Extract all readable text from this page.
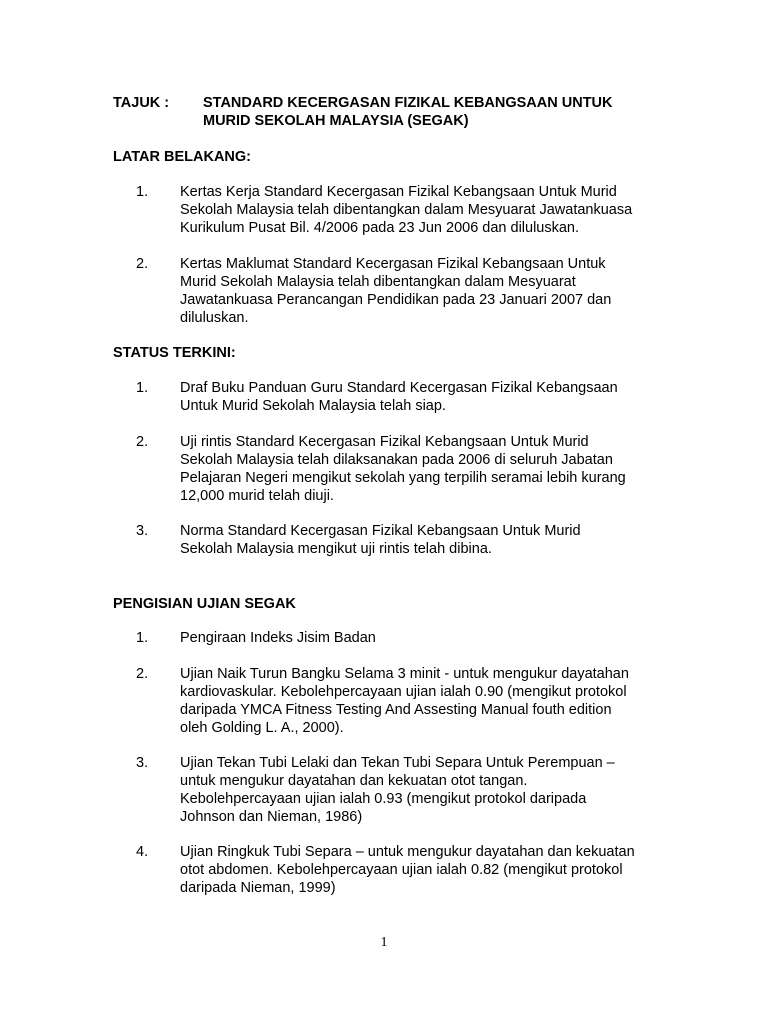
TAJUK : STANDARD KECERGASAN FIZIKAL KEBANGSAAN UNTUK
MURID SEKOLAH MALAYSIA (SEGAK)
LATAR BELAKANG:
1. Kertas Kerja Standard Kecergasan Fizikal Kebangsaan Untuk Murid
Sekolah Malaysia telah dibentangkan dalam Mesyuarat Jawatankuasa
Kurikulum Pusat Bil. 4/2006 pada 23 Jun 2006 dan diluluskan.
2. Kertas Maklumat Standard Kecergasan Fizikal Kebangsaan Untuk
Murid Sekolah Malaysia telah dibentangkan dalam Mesyuarat
Jawatankuasa Perancangan Pendidikan pada 23 Januari 2007 dan
diluluskan.
STATUS TERKINI:
1. Draf Buku Panduan Guru Standard Kecergasan Fizikal Kebangsaan
Untuk Murid Sekolah Malaysia telah siap.
2. Uji rintis Standard Kecergasan Fizikal Kebangsaan Untuk Murid
Sekolah Malaysia telah dilaksanakan pada 2006 di seluruh Jabatan
Pelajaran Negeri mengikut sekolah yang terpilih seramai lebih kurang
12,000 murid telah diuji.
3. Norma Standard Kecergasan Fizikal Kebangsaan Untuk Murid
Sekolah Malaysia mengikut uji rintis telah dibina.
PENGISIAN UJIAN SEGAK
1. Pengiraan Indeks Jisim Badan
2. Ujian Naik Turun Bangku Selama 3 minit - untuk mengukur dayatahan
kardiovaskular. Kebolehpercayaan ujian ialah 0.90 (mengikut protokol
daripada YMCA Fitness Testing And Assesting Manual fouth edition
oleh Golding L. A., 2000).
3. Ujian Tekan Tubi Lelaki dan Tekan Tubi Separa Untuk Perempuan –
untuk mengukur dayatahan dan kekuatan otot tangan.
Kebolehpercayaan ujian ialah 0.93 (mengikut protokol daripada
Johnson dan Nieman, 1986)
4. Ujian Ringkuk Tubi Separa – untuk mengukur dayatahan dan kekuatan
otot abdomen. Kebolehpercayaan ujian ialah 0.82 (mengikut protokol
daripada Nieman, 1999)
1
